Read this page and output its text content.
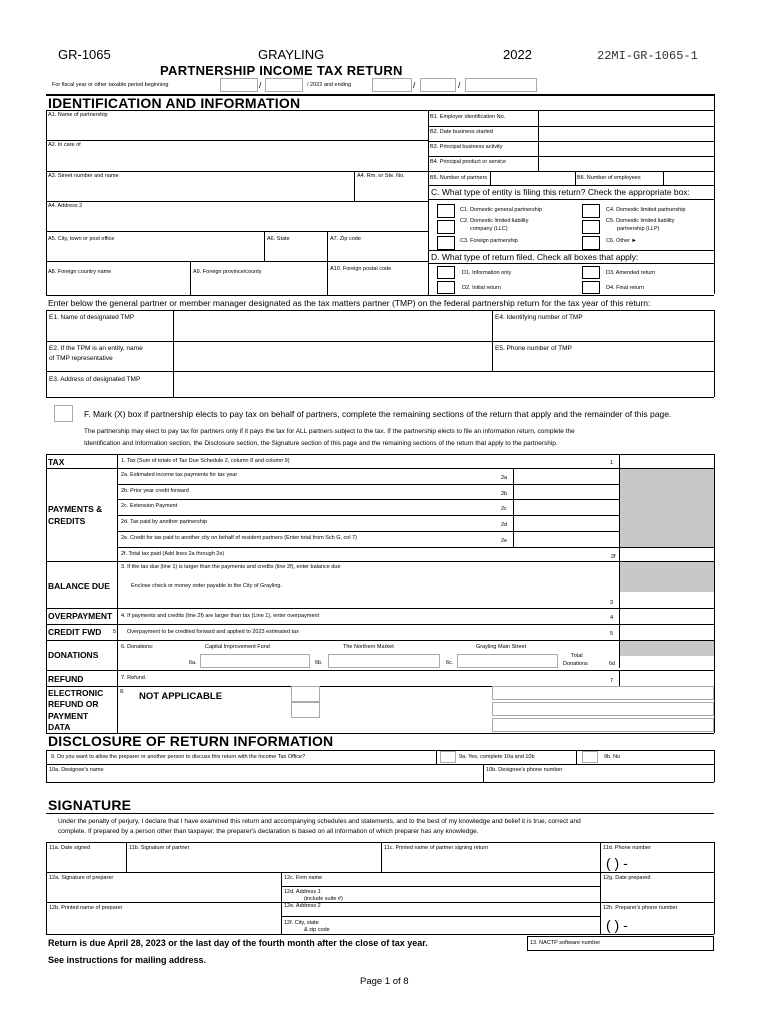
GR-1065	GRAYLING	2022	22MI-GR-1065-1
PARTNERSHIP INCOME TAX RETURN
For fiscal year or other taxable period beginning	/	/ 2022 and ending	/	/
IDENTIFICATION AND INFORMATION
A1. Name of partnership
A2. In care of
A3. Street number and name	A4. Rm. or Ste. No.
A4. Address 2
A5. City, town or post office	A6. State	A7. Zip code
A8. Foreign country name	A9. Foreign province/county	A10. Foreign postal code
B1. Employer identification No.
B2. Date business started
B3. Principal business activity
B4. Principal product or service
B5. Number of partners	B6. Number of employees
C. What type of entity is filing this return? Check the appropriate box:
C1. Domestic general partnership
C2. Domestic limited liability
company (LLC)
C3. Foreign partnership
C4. Domestic limited partnership
C5. Domestic limited liability
partnership (LLP)
C6. Other ►
D. What type of return filed. Check all boxes that apply:
D1. Information only
D2. Initial return
D3. Amended return
D4. Final return
Enter below the general partner or member manager designated as the tax matters partner (TMP) on the federal partnership return for the tax year of this return:
E1. Name of designated TMP	E4. Identifying number of TMP
E2. If the TPM is an entity, name
of TMP representative
E5. Phone number of TMP
E3. Address of designated TMP
F. Mark (X) box if partnership elects to pay tax on behalf of partners, complete the remaining sections of the return that apply and the remainder of this page.
The partnership may elect to pay tax for partners only if it pays the tax for ALL partners subject to the tax. If the partnership elects to file an information return, complete the
Identification and Information section, the Disclosure section, the Signature section of this page and the remaining sections of the return that apply to the partnership.
TAX	1. Tax (Sum of totals of Tax Due Schedule 2, column 8 and column 9)	1
PAYMENTS &
CREDITS
2a. Estimated income tax payments for tax year	2a
2b. Prior year credit forward	2b
2c. Extension Payment	2c
2d. Tax paid by another partnership	2d
2e. Credit for tax paid to another city on behalf of resident partners (Enter total from Sch G, col 7)	2e
2f. Total tax paid (Add lines 2a through 2e)	2f
BALANCE DUE
3. If the tax due (line 1) is larger than the payments and credits (line 2f), enter balance due
Enclose check or money order payable to the City of Grayling.
3
OVERPAYMENT 4. If payments and credits (line 2f) are larger than tax (Line 1), enter overpayment	4
CREDIT FWD 5 Overpayment to be credited forward and applied to 2023 estimated tax	5
DONATIONS
6. Donations:	Capital Improvement Fund	The Northern Market	Grayling Main Street
6a.	6b.	6c.
Total
Donations	6d
REFUND	7. Refund.	7
ELECTRONIC
REFUND OR
PAYMENT
DATA
8. NOT APPLICABLE
DISCLOSURE OF RETURN INFORMATION
9. Do you want to allow the preparer or another person to discuss this return with the Income Tax Office?	9a. Yes, complete 10a and 10b	9b. No
10a. Designee's name	10b. Designee's phone number
SIGNATURE
Under the penalty of perjury, I declare that I have examined this return and accompanying schedules and statements, and to the best of my knowledge and belief it is true, correct and
complete. If prepared by a person other than taxpayer, the preparer's declaration is based on all information of which preparer has any knowledge.
11a. Date signed	11b. Signature of partner	11c. Printed name of partner signing return	11d. Phone number
( ) -
12a. Signature of preparer	12c. Firm name	12g. Date prepared
12d. Address 1
(include suite #)
12b. Printed name of preparer	12e. Address 2	12h. Preparer's phone number
12f. City, state
& zip code	( ) -
Return is due April 28, 2023 or the last day of the fourth month after the close of tax year.
See instructions for mailing address.
13. NACTP software number
Page 1 of 8
